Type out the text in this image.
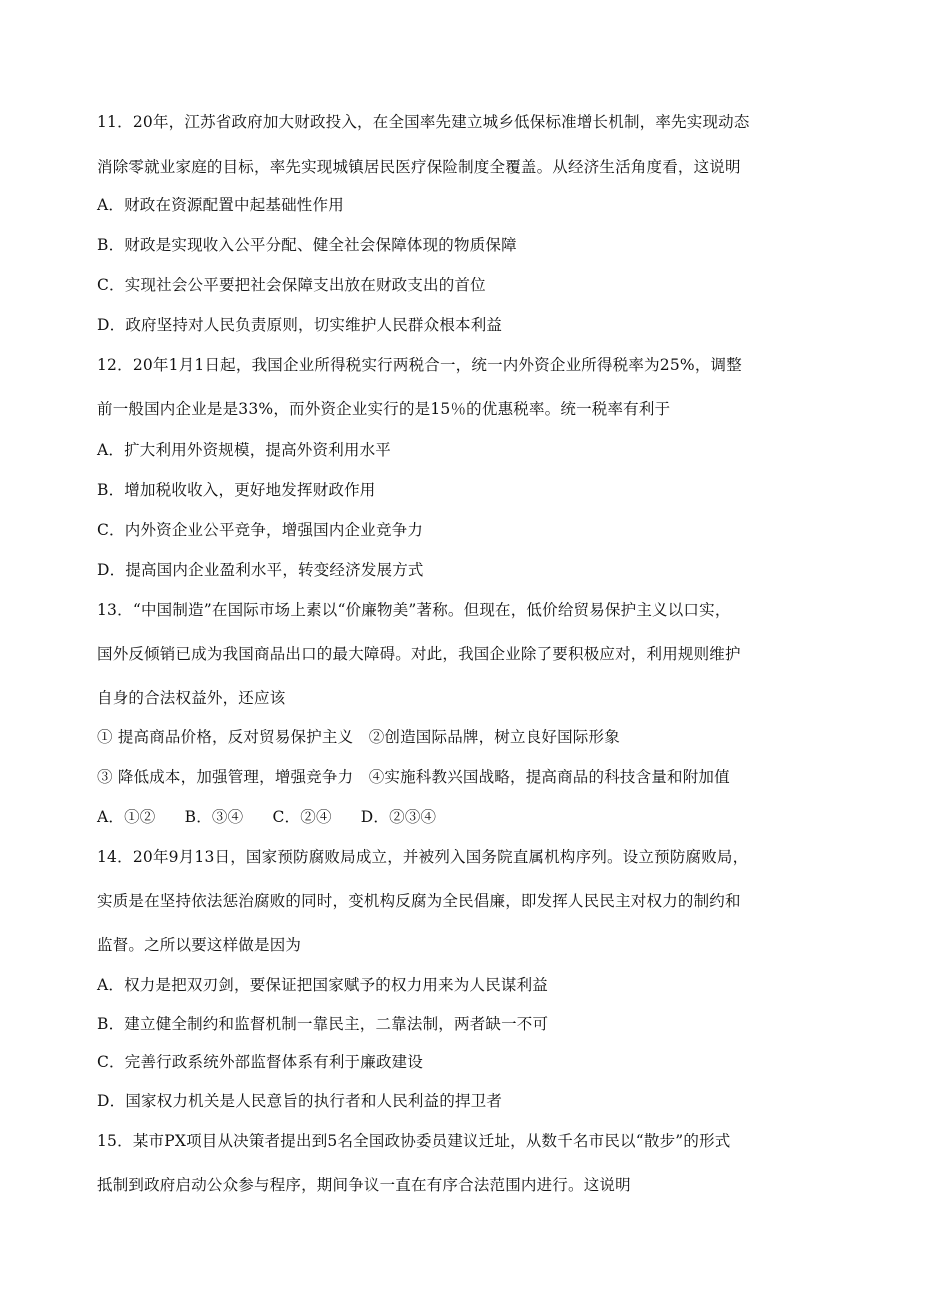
11．20年，江苏省政府加大财政投入，在全国率先建立城乡低保标准增长机制，率先实现动态
消除零就业家庭的目标，率先实现城镇居民医疗保险制度全覆盖。从经济生活角度看，这说明
A．财政在资源配置中起基础性作用
B．财政是实现收入公平分配、健全社会保障体现的物质保障
C．实现社会公平要把社会保障支出放在财政支出的首位
D．政府坚持对人民负责原则，切实维护人民群众根本利益
12．20年1月1日起，我国企业所得税实行两税合一，统一内外资企业所得税率为25%，调整
前一般国内企业是是33%，而外资企业实行的是15％的优惠税率。统一税率有利于
A．扩大利用外资规模，提高外资利用水平
B．增加税收收入，更好地发挥财政作用
C．内外资企业公平竞争，增强国内企业竞争力
D．提高国内企业盈利水平，转变经济发展方式
13．“中国制造”在国际市场上素以“价廉物美”著称。但现在，低价给贸易保护主义以口实，
国外反倾销已成为我国商品出口的最大障碍。对此，我国企业除了要积极应对，利用规则维护
自身的合法权益外，还应该
① 提高商品价格，反对贸易保护主义   ②创造国际品牌，树立良好国际形象
③ 降低成本，加强管理，增强竞争力   ④实施科教兴国战略，提高商品的科技含量和附加值
A．①② B．③④ C．②④ D．②③④
14．20年9月13日，国家预防腐败局成立，并被列入国务院直属机构序列。设立预防腐败局，
实质是在坚持依法惩治腐败的同时，变机构反腐为全民倡廉，即发挥人民民主对权力的制约和
监督。之所以要这样做是因为
A．权力是把双刃剑，要保证把国家赋予的权力用来为人民谋利益
B．建立健全制约和监督机制一靠民主，二靠法制，两者缺一不可
C．完善行政系统外部监督体系有利于廉政建设
D．国家权力机关是人民意旨的执行者和人民利益的捍卫者
15．某市PX项目从决策者提出到5名全国政协委员建议迁址，从数千名市民以“散步”的形式
抵制到政府启动公众参与程序，期间争议一直在有序合法范围内进行。这说明
